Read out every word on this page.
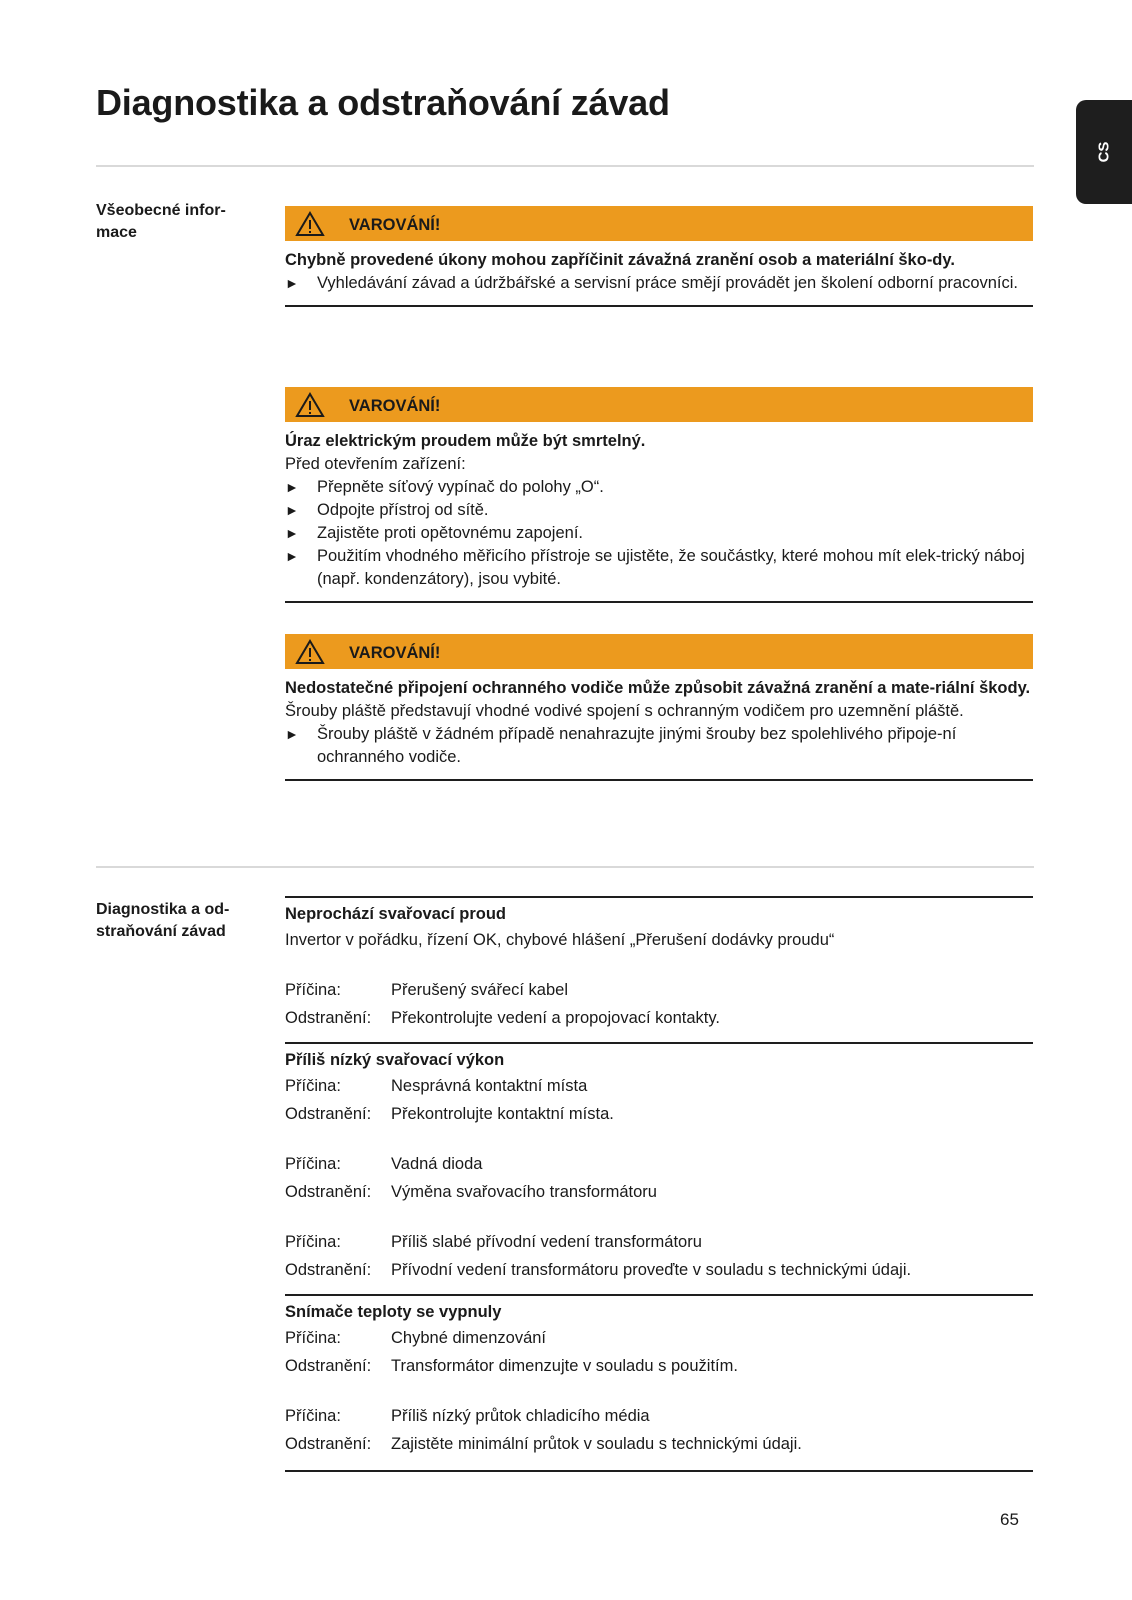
Diagnostika a odstraňování závad
CS
Všeobecné infor-
mace	VAROVÁNÍ!
Chybně provedené úkony mohou zapříčinit závažná zranění osob a materiální ško-dy.
► Vyhledávání závad a údržbářské a servisní práce smějí provádět jen školení odborní pracovníci.
VAROVÁNÍ!
Úraz elektrickým proudem může být smrtelný.
Před otevřením zařízení:
► Přepněte síťový vypínač do polohy „O“.
► Odpojte přístroj od sítě.
► Zajistěte proti opětovnému zapojení.
► Použitím vhodného měřicího přístroje se ujistěte, že součástky, které mohou mít elek-trický náboj (např. kondenzátory), jsou vybité.
VAROVÁNÍ!
Nedostatečné připojení ochranného vodiče může způsobit závažná zranění a mate-riální škody.
Šrouby pláště představují vhodné vodivé spojení s ochranným vodičem pro uzemnění pláště.
► Šrouby pláště v žádném případě nenahrazujte jinými šrouby bez spolehlivého připoje-ní ochranného vodiče.
Diagnostika a od-
straňování závad
Neprochází svařovací proud
Invertor v pořádku, řízení OK, chybové hlášení „Přerušení dodávky proudu“
Příčina:	Přerušený svářecí kabel
Odstranění:	Překontrolujte vedení a propojovací kontakty.
Příliš nízký svařovací výkon
Příčina:	Nesprávná kontaktní místa
Odstranění:	Překontrolujte kontaktní místa.
Příčina:	Vadná dioda
Odstranění:	Výměna svařovacího transformátoru
Příčina:	Příliš slabé přívodní vedení transformátoru
Odstranění:	Přívodní vedení transformátoru proveďte v souladu s technickými údaji.
Snímače teploty se vypnuly
Příčina:	Chybné dimenzování
Odstranění:	Transformátor dimenzujte v souladu s použitím.
Příčina:	Příliš nízký průtok chladicího média
Odstranění:	Zajistěte minimální průtok v souladu s technickými údaji.
65
